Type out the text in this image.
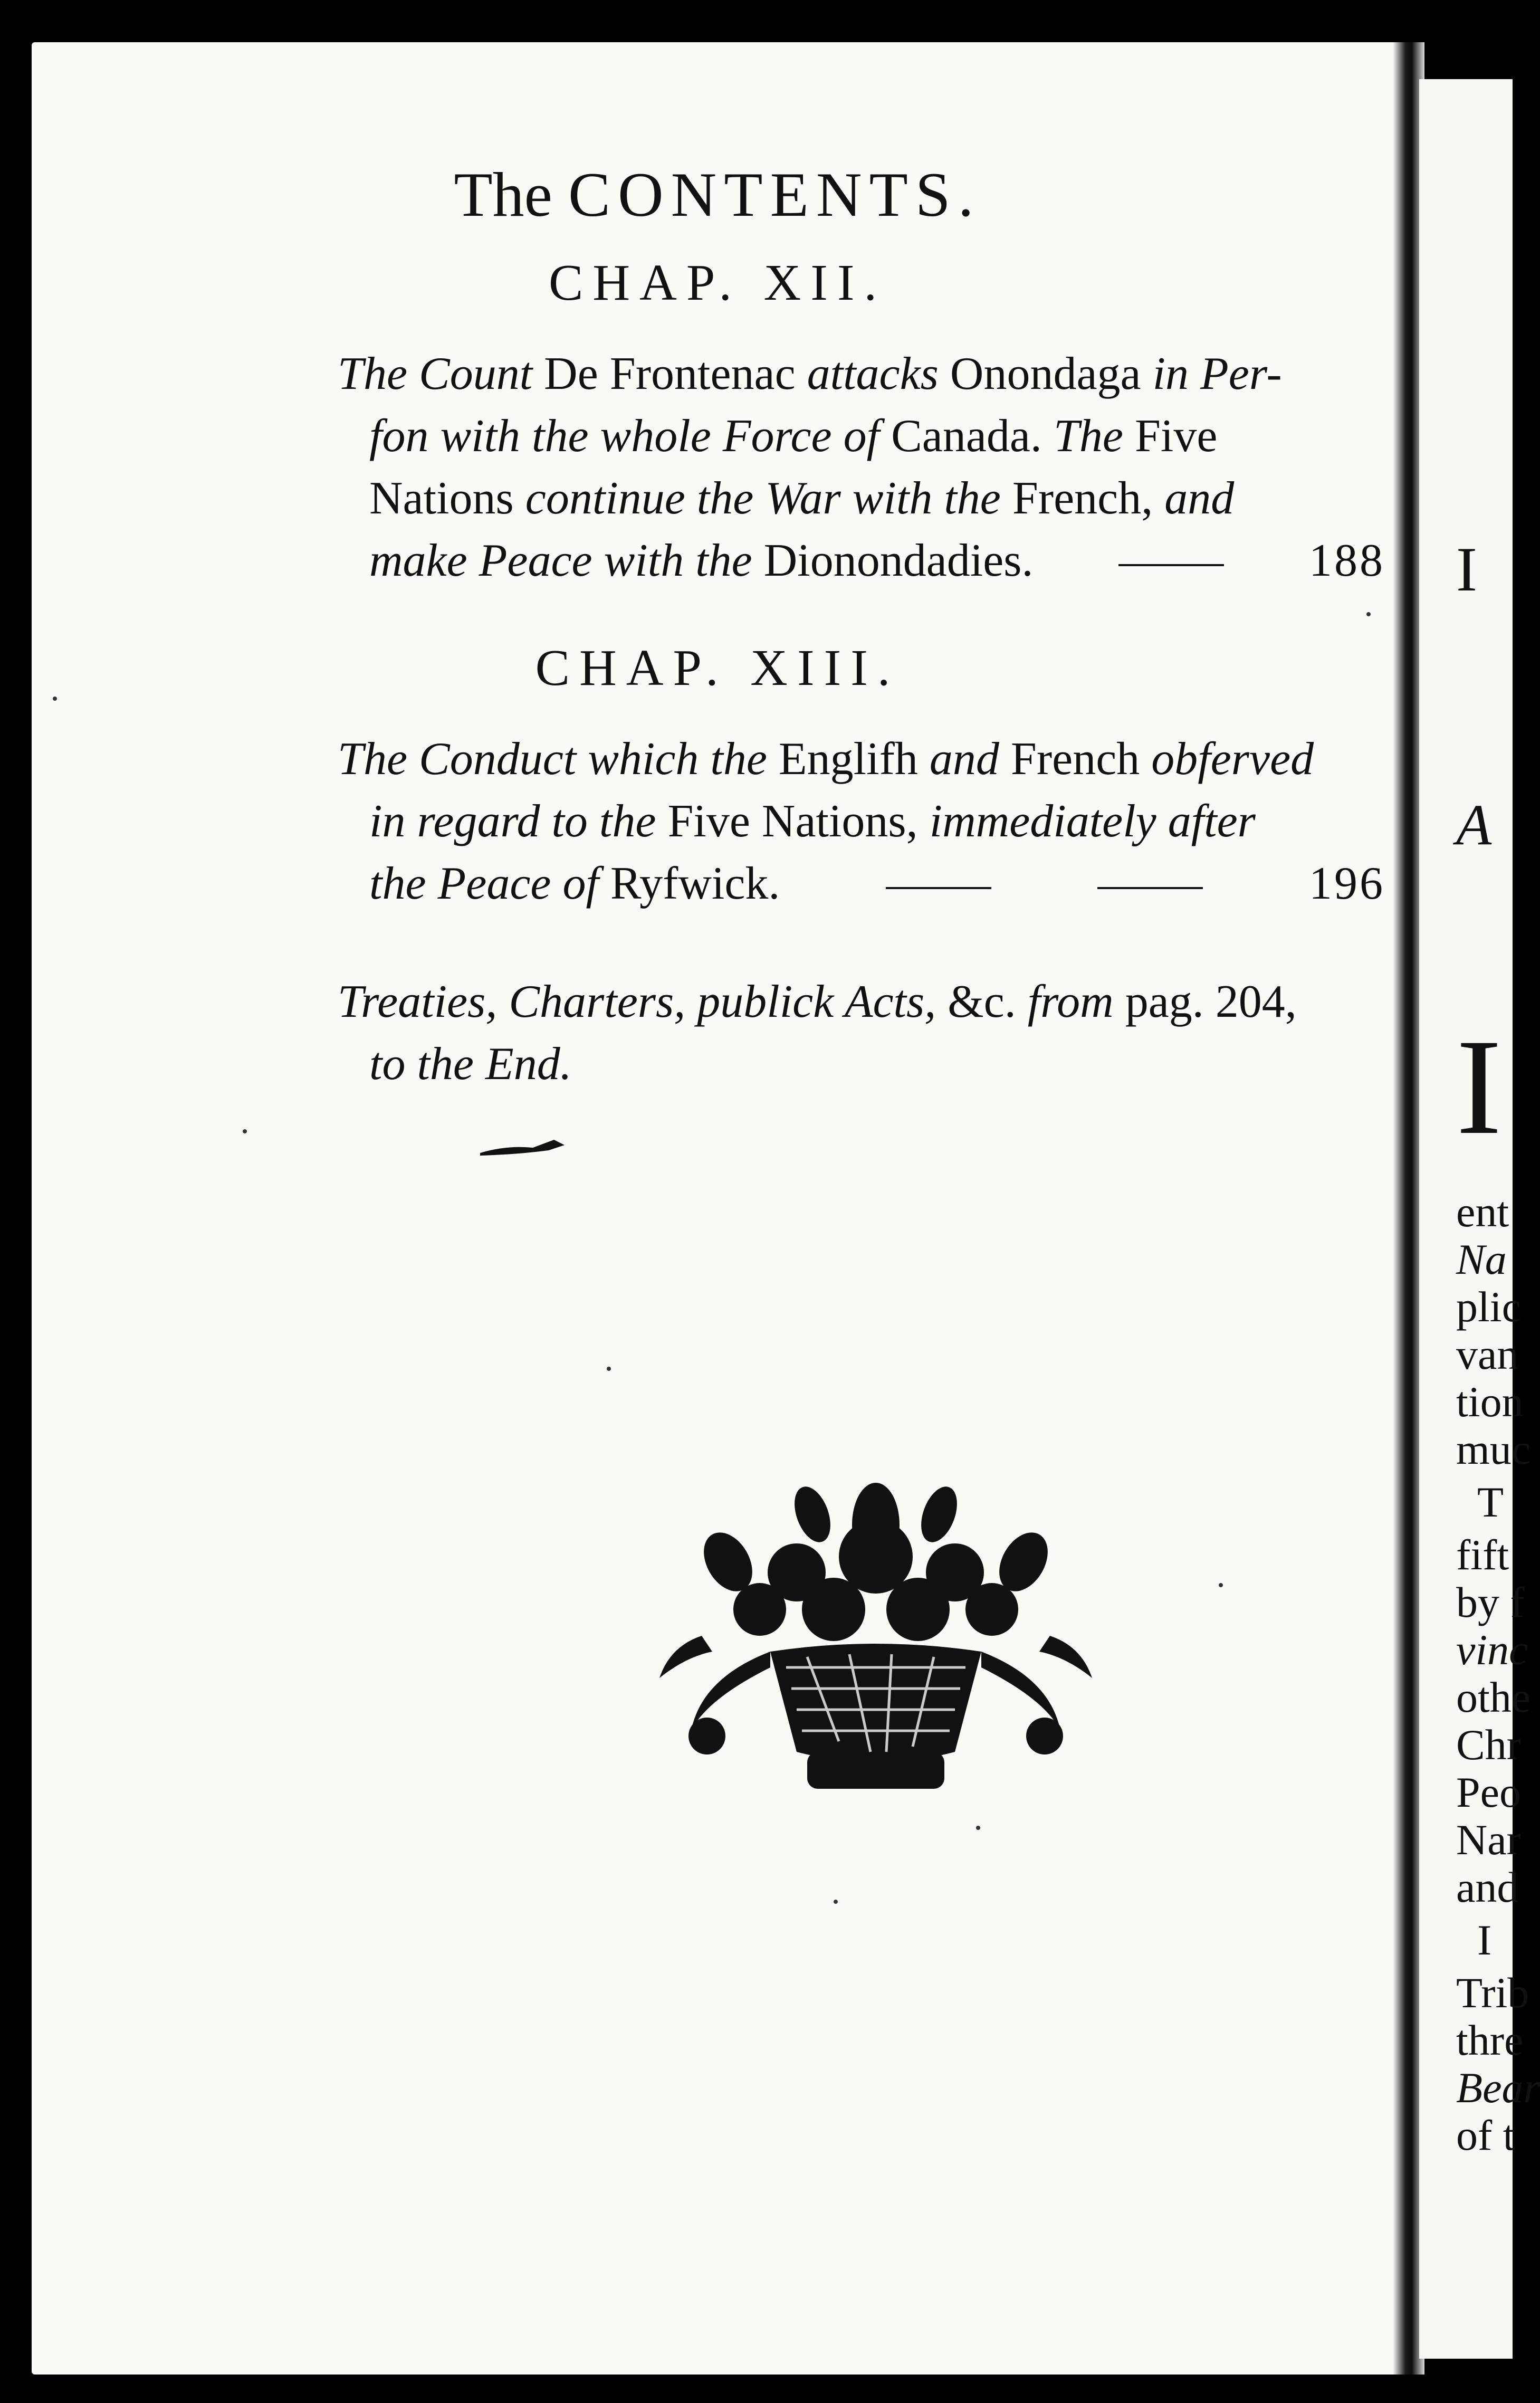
The CONTENTS.
CHAP. XII.
The Count De Frontenac attacks Onondaga in Per-
fon with the whole Force of Canada. The Five
Nations continue the War with the French, and
make Peace with the Dionondadies.	188
CHAP. XIII.
The Conduct which the Englifh and French obferved
in regard to the Five Nations, immediately after
the Peace of Ryfwick.	196
Treaties, Charters, publick Acts, &c. from pag. 204,
to the End.
I
A
I
ent
Na
plic
van
tion
muc
T
fift
by f
vinc
othe
Chr
Peo
Nar
and
I
Trib
thre
Bear
of t
